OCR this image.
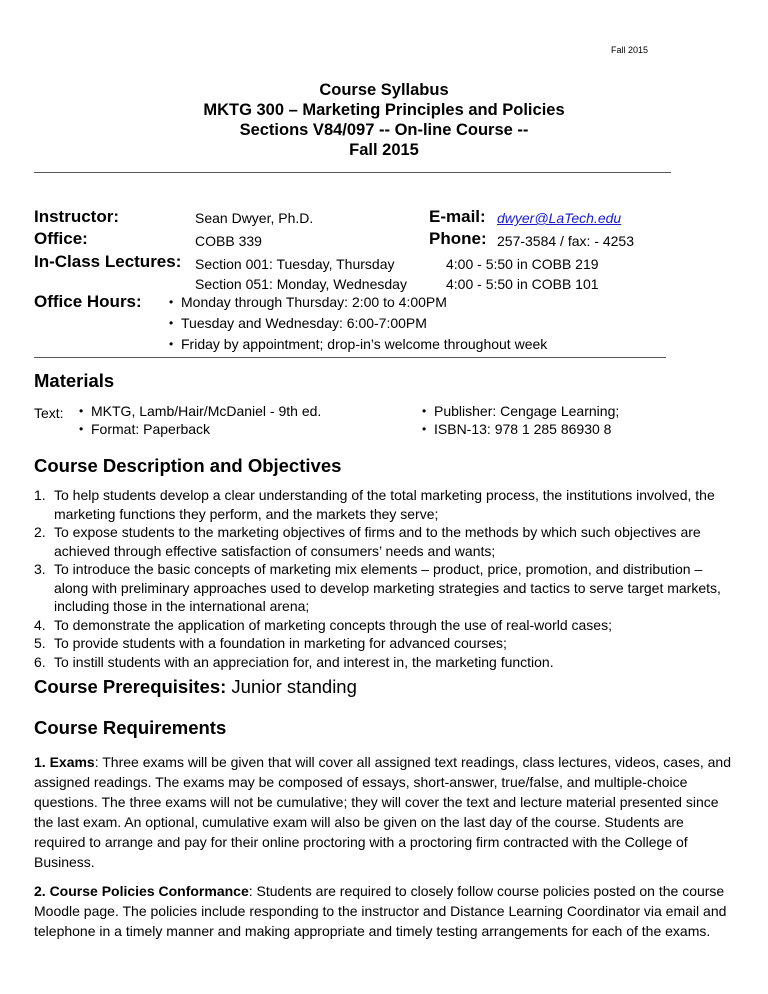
Fall 2015
Course Syllabus
MKTG 300 – Marketing Principles and Policies
Sections V84/097 -- On-line Course --
Fall 2015
Instructor:	Sean Dwyer, Ph.D.	E-mail: dwyer@LaTech.edu
Office:	COBB 339	Phone: 257-3584 / fax: - 4253
In-Class Lectures: Section 001: Tuesday, Thursday	4:00 - 5:50 in COBB 219
Section 051: Monday, Wednesday	4:00 - 5:50 in COBB 101
Office Hours:	• Monday through Thursday: 2:00 to 4:00PM
• Tuesday and Wednesday: 6:00-7:00PM
• Friday by appointment; drop-in’s welcome throughout week
Materials
Text:	• MKTG, Lamb/Hair/McDaniel - 9th ed.
• Format: Paperback
• Publisher: Cengage Learning;
• ISBN-13: 978 1 285 86930 8
Course Description and Objectives
1. To help students develop a clear understanding of the total marketing process, the institutions involved, the marketing functions they perform, and the markets they serve;
2. To expose students to the marketing objectives of firms and to the methods by which such objectives are achieved through effective satisfaction of consumers’ needs and wants;
3. To introduce the basic concepts of marketing mix elements – product, price, promotion, and distribution – along with preliminary approaches used to develop marketing strategies and tactics to serve target markets, including those in the international arena;
4. To demonstrate the application of marketing concepts through the use of real-world cases;
5. To provide students with a foundation in marketing for advanced courses;
6. To instill students with an appreciation for, and interest in, the marketing function.
Course Prerequisites: Junior standing
Course Requirements

1. Exams: Three exams will be given that will cover all assigned text readings, class lectures, videos, cases, and assigned readings. The exams may be composed of essays, short-answer, true/false, and multiple-choice questions. The three exams will not be cumulative; they will cover the text and lecture material presented since the last exam. An optional, cumulative exam will also be given on the last day of the course. Students are required to arrange and pay for their online proctoring with a proctoring firm contracted with the College of Business.

2. Course Policies Conformance: Students are required to closely follow course policies posted on the course Moodle page. The policies include responding to the instructor and Distance Learning Coordinator via email and telephone in a timely manner and making appropriate and timely testing arrangements for each of the exams.
